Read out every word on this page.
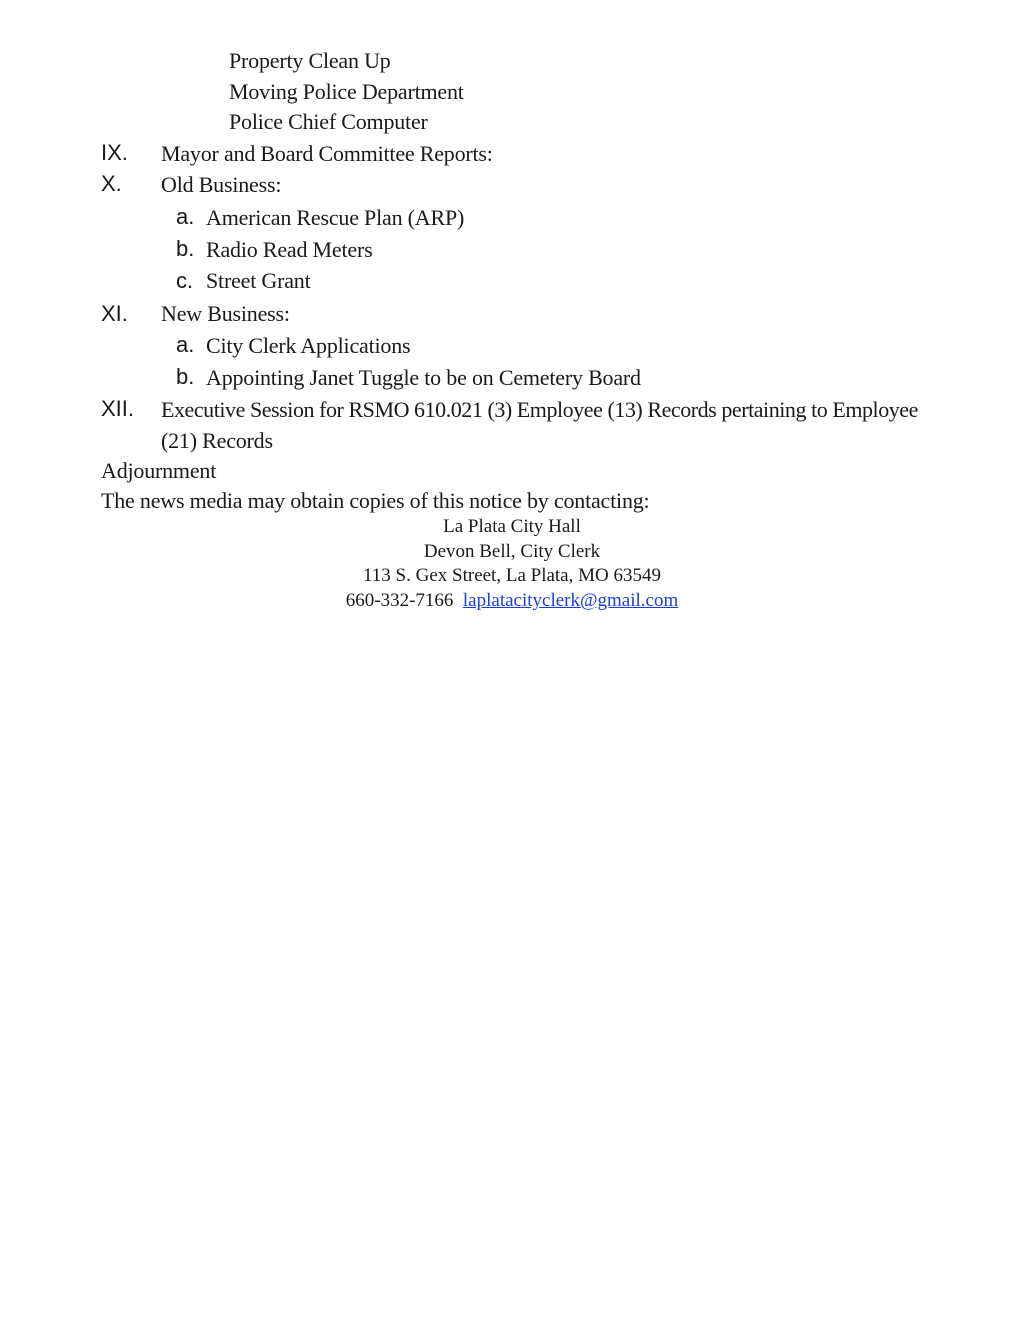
Property Clean Up
Moving Police Department
Police Chief Computer
IX. Mayor and Board Committee Reports:
X. Old Business:
a. American Rescue Plan (ARP)
b. Radio Read Meters
c. Street Grant
XI. New Business:
a. City Clerk Applications
b. Appointing Janet Tuggle to be on Cemetery Board
XII. Executive Session for RSMO 610.021 (3) Employee (13) Records pertaining to Employee
(21) Records
Adjournment
The news media may obtain copies of this notice by contacting:
La Plata City Hall
Devon Bell, City Clerk
113 S. Gex Street, La Plata, MO 63549
660-332-7166 laplatacityclerk@gmail.com
